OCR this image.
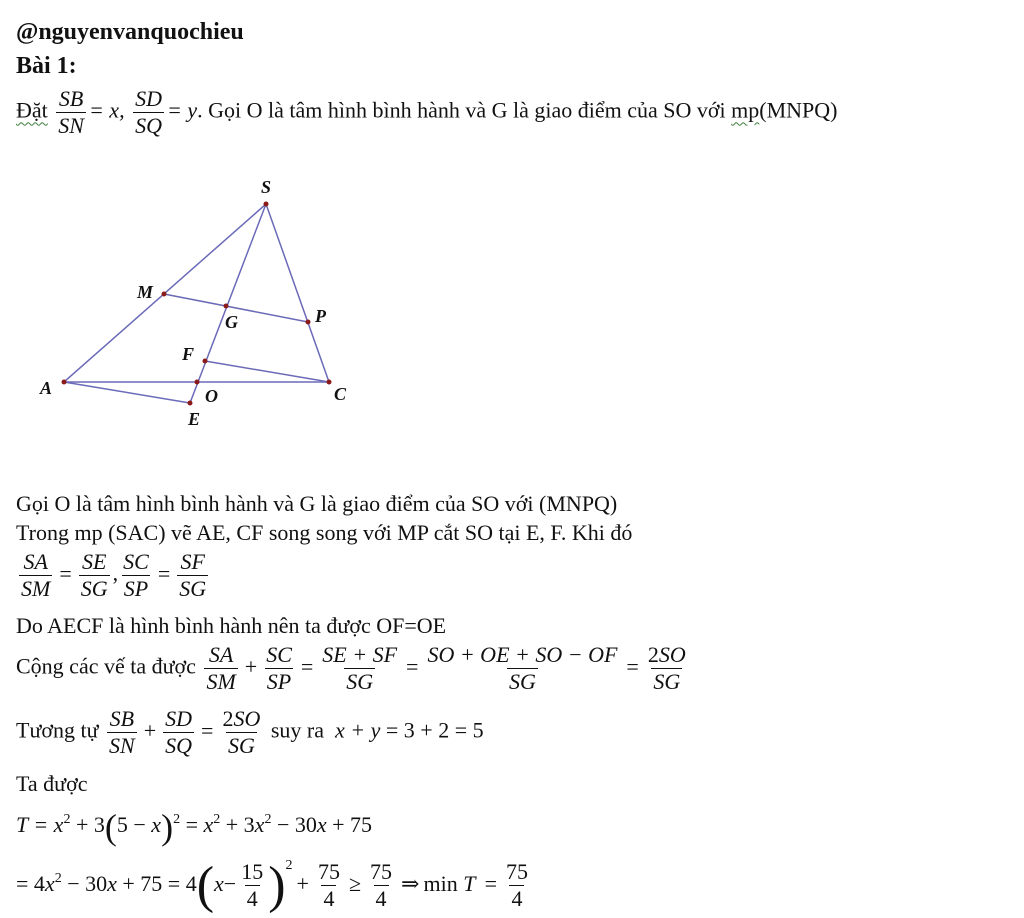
@nguyenvanquochieu
Bài 1:
Đặt $\frac{SB}{SN} = x$, $\frac{SD}{SQ} = y$. Gọi O là tâm hình bình hành và G là giao điểm của SO với mp(MNPQ)
S
M
G	P
F
A	O	C
E
Gọi O là tâm hình bình hành và G là giao điểm của SO với (MNPQ)
Trong mp (SAC) vẽ AE, CF song song với MP cắt SO tại E, F. Khi đó
$\frac{SA}{SM} = \frac{SE}{SG}$ , $\frac{SC}{SP} = \frac{SF}{SG}$
Do AECF là hình bình hành nên ta được OF=OE
Cộng các vế ta được $\frac{SA}{SM} + \frac{SC}{SP} = \frac{SE + SF}{SG} = \frac{SO + OE + SO - OF}{SG} = \frac{2SO}{SG}$
Tương tự $\frac{SB}{SN} + \frac{SD}{SQ} = \frac{2SO}{SG}$ suy ra  x + y = 3 + 2 = 5
Ta được
$T = x^2 + 3(5 - x)^2 = x^2 + 3x^2 - 30x + 75$
= $4x^2 - 30x + 75 = 4(x- \frac{15}{4} )^2+ \frac{75}{4} \ge \frac{75}{4}$ ⇒ $\min T = \frac{75}{4}$
